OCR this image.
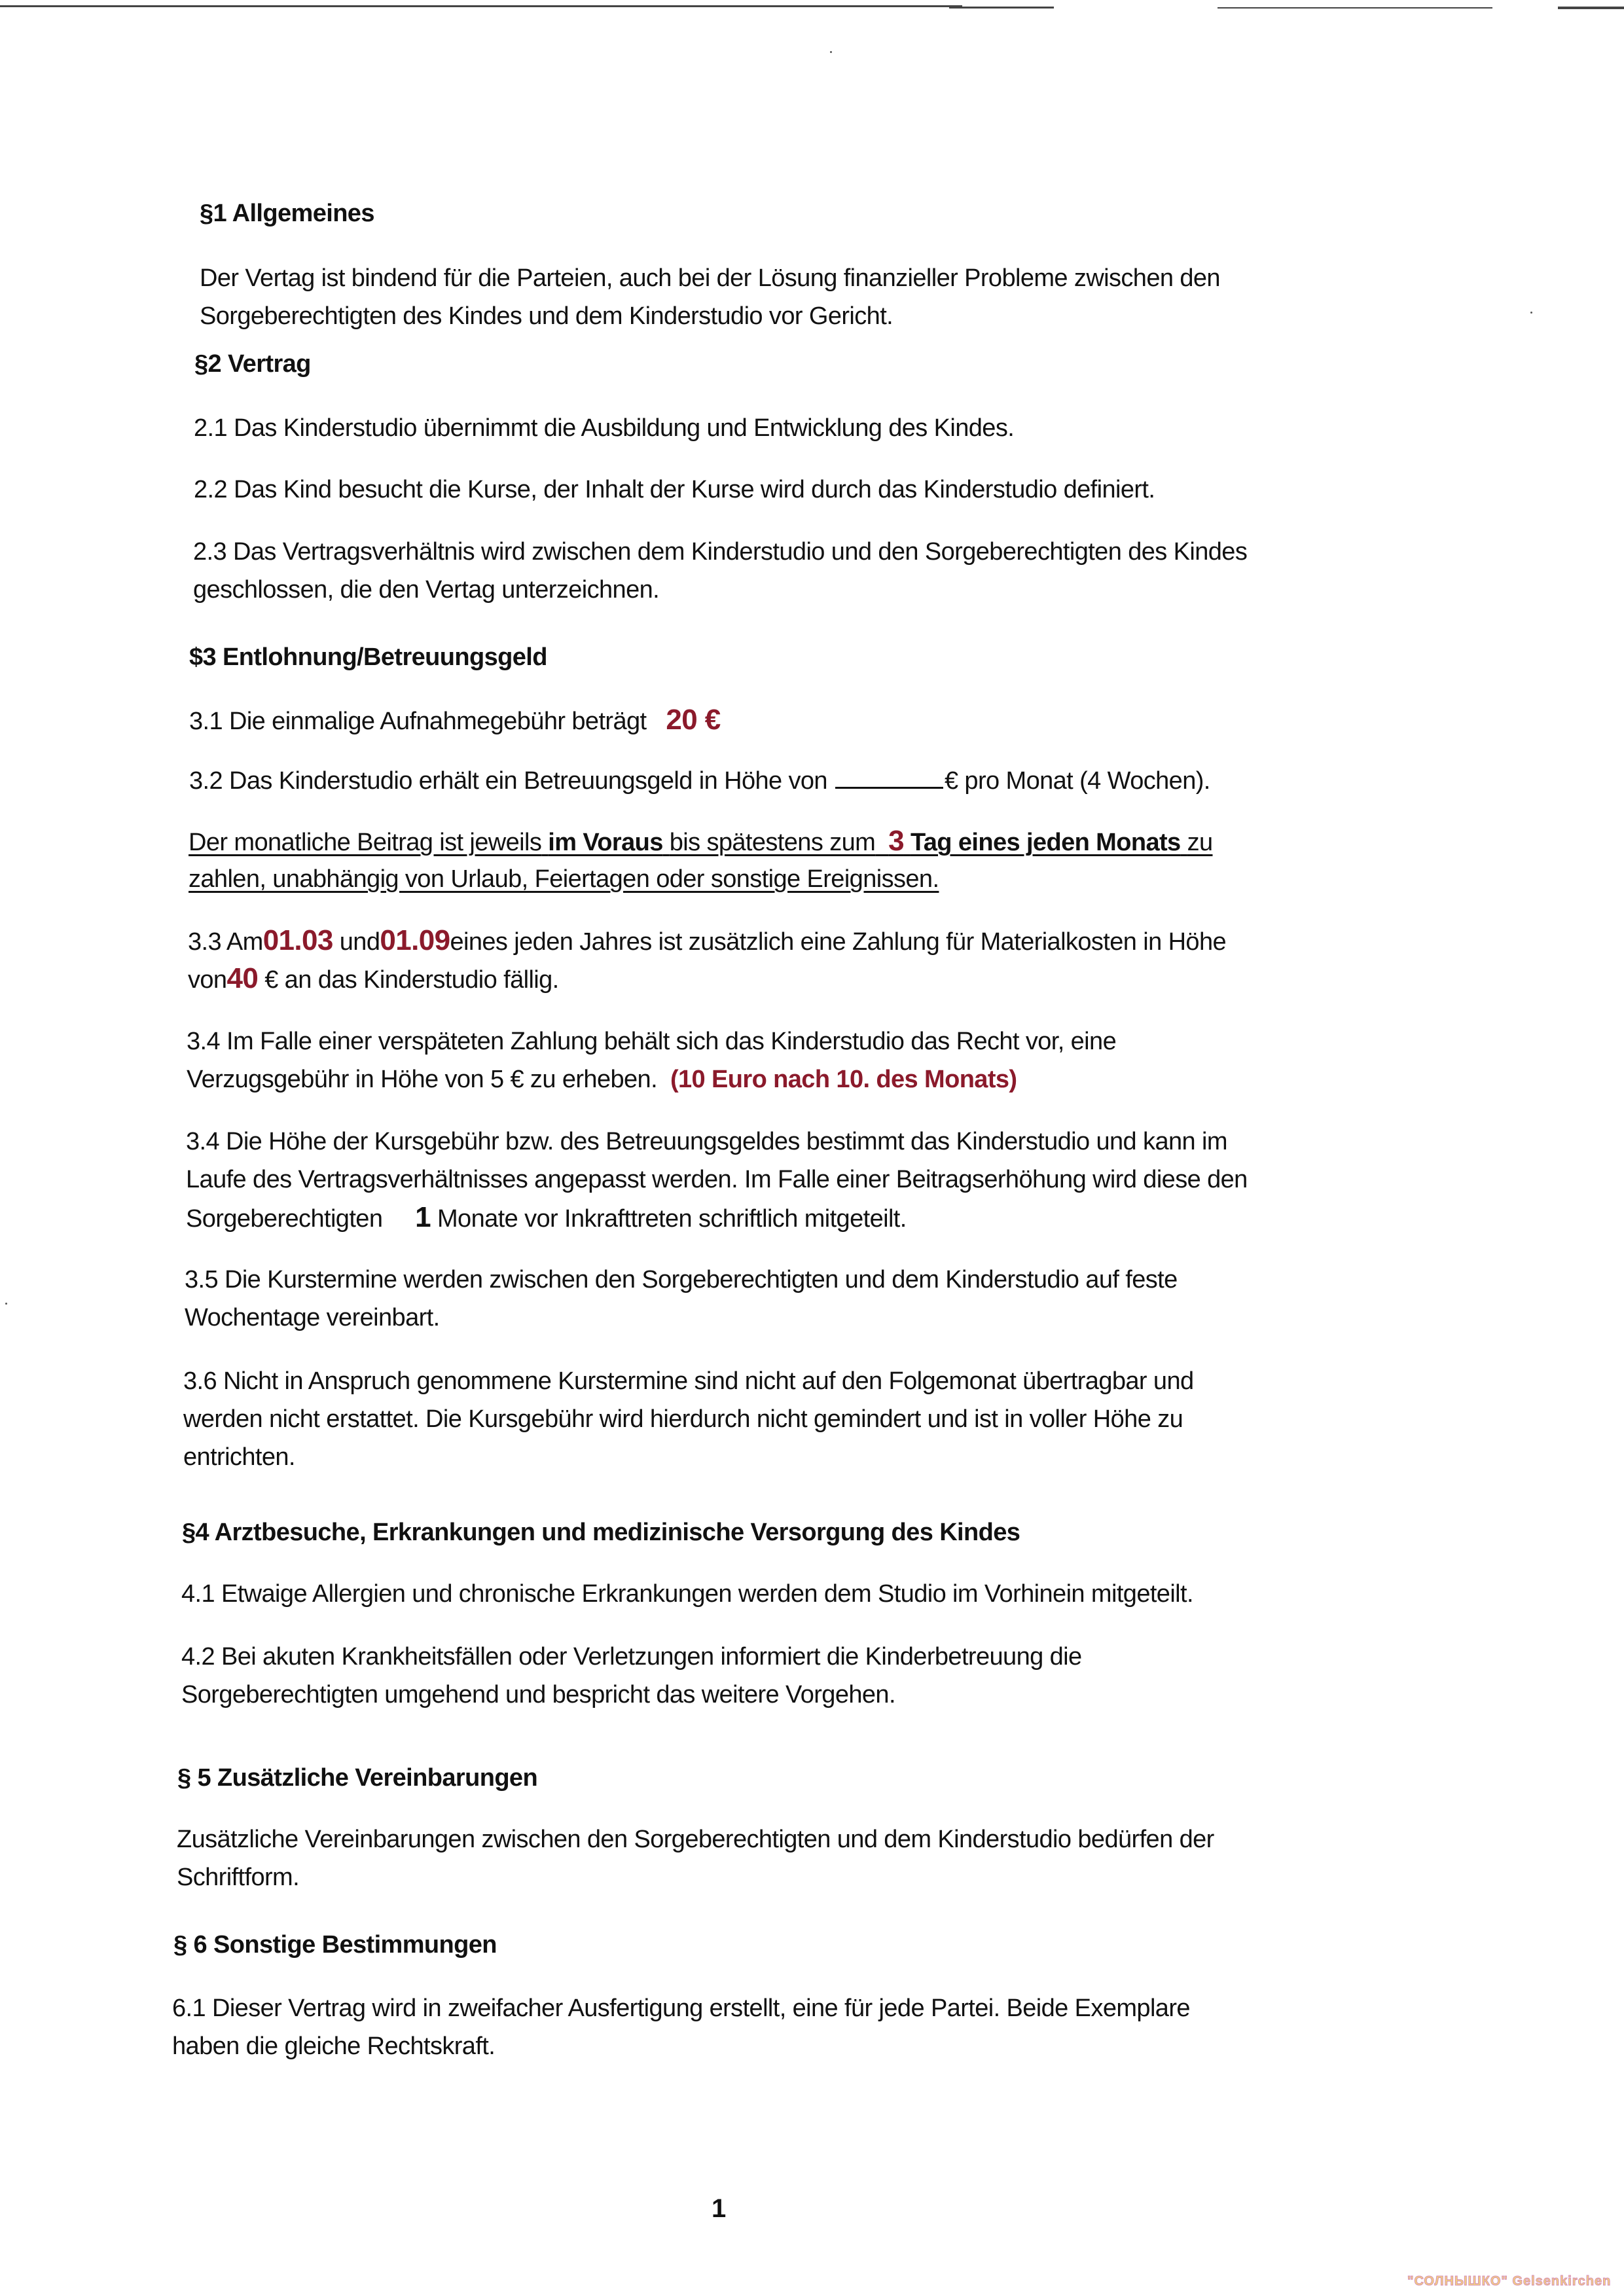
§1 Allgemeines
Der Vertag ist bindend für die Parteien, auch bei der Lösung finanzieller Probleme zwischen den
Sorgeberechtigten des Kindes und dem Kinderstudio vor Gericht.
§2 Vertrag
2.1 Das Kinderstudio übernimmt die Ausbildung und Entwicklung des Kindes.
2.2 Das Kind besucht die Kurse, der Inhalt der Kurse wird durch das Kinderstudio definiert.
2.3 Das Vertragsverhältnis wird zwischen dem Kinderstudio und den Sorgeberechtigten des Kindes
geschlossen, die den Vertag unterzeichnen.
$3 Entlohnung/Betreuungsgeld
3.1 Die einmalige Aufnahmegebühr beträgt 20 €
3.2 Das Kinderstudio erhält ein Betreuungsgeld in Höhe von	€ pro Monat (4 Wochen).
Der monatliche Beitrag ist jeweils im Voraus bis spätestens zum 3 Tag eines jeden Monats zu
zahlen, unabhängig von Urlaub, Feiertagen oder sonstige Ereignissen.
3.3 Am01.03 und01.09eines jeden Jahres ist zusätzlich eine Zahlung für Materialkosten in Höhe
von40 € an das Kinderstudio fällig.
3.4 Im Falle einer verspäteten Zahlung behält sich das Kinderstudio das Recht vor, eine
Verzugsgebühr in Höhe von 5 € zu erheben. (10 Euro nach 10. des Monats)
3.4 Die Höhe der Kursgebühr bzw. des Betreuungsgeldes bestimmt das Kinderstudio und kann im
Laufe des Vertragsverhältnisses angepasst werden. Im Falle einer Beitragserhöhung wird diese den
Sorgeberechtigten 1 Monate vor Inkrafttreten schriftlich mitgeteilt.
3.5 Die Kurstermine werden zwischen den Sorgeberechtigten und dem Kinderstudio auf feste
Wochentage vereinbart.
3.6 Nicht in Anspruch genommene Kurstermine sind nicht auf den Folgemonat übertragbar und
werden nicht erstattet. Die Kursgebühr wird hierdurch nicht gemindert und ist in voller Höhe zu
entrichten.
§4 Arztbesuche, Erkrankungen und medizinische Versorgung des Kindes
4.1 Etwaige Allergien und chronische Erkrankungen werden dem Studio im Vorhinein mitgeteilt.
4.2 Bei akuten Krankheitsfällen oder Verletzungen informiert die Kinderbetreuung die
Sorgeberechtigten umgehend und bespricht das weitere Vorgehen.
§ 5 Zusätzliche Vereinbarungen
Zusätzliche Vereinbarungen zwischen den Sorgeberechtigten und dem Kinderstudio bedürfen der
Schriftform.
§ 6 Sonstige Bestimmungen
6.1 Dieser Vertrag wird in zweifacher Ausfertigung erstellt, eine für jede Partei. Beide Exemplare
haben die gleiche Rechtskraft.
1
"СОЛНЫШКО" Gelsenkirchen
